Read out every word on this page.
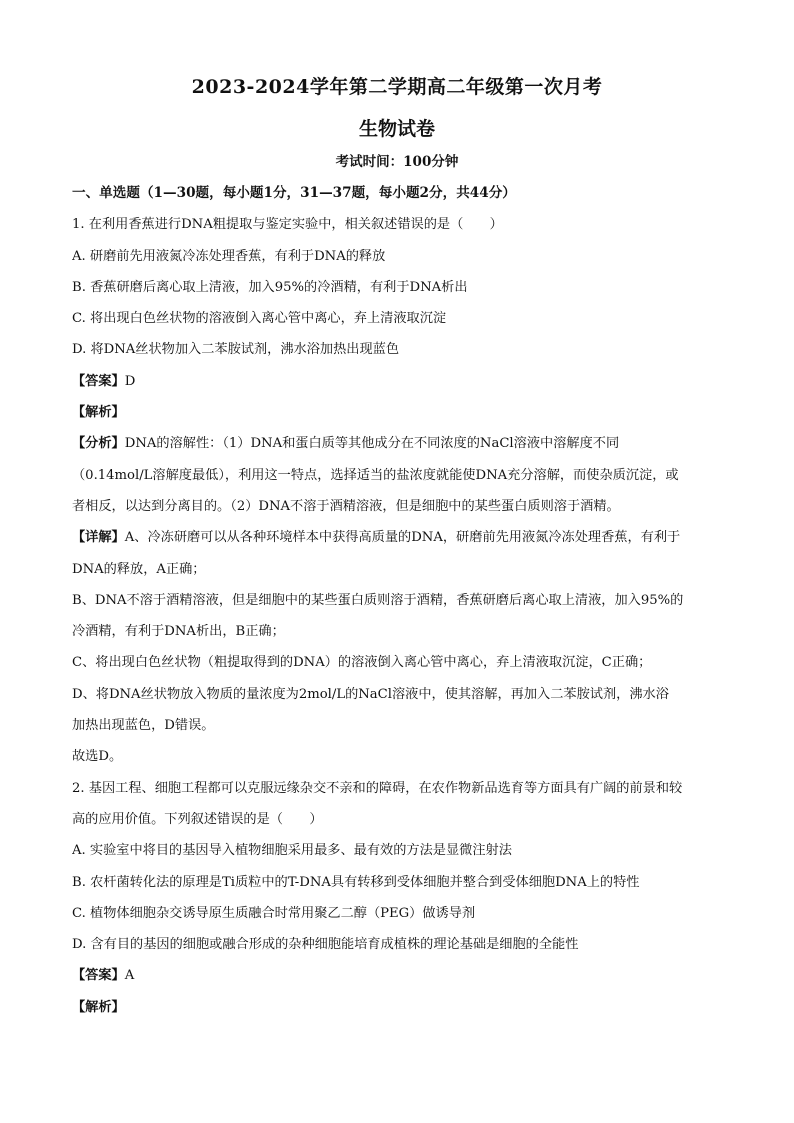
2023-2024学年第二学期高二年级第一次月考
生物试卷
考试时间：100分钟
一、单选题（1—30题，每小题1分，31—37题，每小题2分，共44分）
1. 在利用香蕉进行DNA粗提取与鉴定实验中，相关叙述错误的是（　　）
A. 研磨前先用液氮冷冻处理香蕉，有利于DNA的释放
B. 香蕉研磨后离心取上清液，加入95%的冷酒精，有利于DNA析出
C. 将出现白色丝状物的溶液倒入离心管中离心，弃上清液取沉淀
D. 将DNA丝状物加入二苯胺试剂，沸水浴加热出现蓝色
【答案】D
【解析】
【分析】DNA的溶解性：（1）DNA和蛋白质等其他成分在不同浓度的NaCl溶液中溶解度不同
（0.14mol/L溶解度最低），利用这一特点，选择适当的盐浓度就能使DNA充分溶解，而使杂质沉淀，或
者相反，以达到分离目的。（2）DNA不溶于酒精溶液，但是细胞中的某些蛋白质则溶于酒精。
【详解】A、冷冻研磨可以从各种环境样本中获得高质量的DNA，研磨前先用液氮冷冻处理香蕉，有利于
DNA的释放，A正确；
B、DNA不溶于酒精溶液，但是细胞中的某些蛋白质则溶于酒精，香蕉研磨后离心取上清液，加入95%的
冷酒精，有利于DNA析出，B正确；
C、将出现白色丝状物（粗提取得到的DNA）的溶液倒入离心管中离心，弃上清液取沉淀，C正确；
D、将DNA丝状物放入物质的量浓度为2mol/L的NaCl溶液中，使其溶解，再加入二苯胺试剂，沸水浴
加热出现蓝色，D错误。
故选D。
2. 基因工程、细胞工程都可以克服远缘杂交不亲和的障碍，在农作物新品选育等方面具有广阔的前景和较
高的应用价值。下列叙述错误的是（　　）
A. 实验室中将目的基因导入植物细胞采用最多、最有效的方法是显微注射法
B. 农杆菌转化法的原理是Ti质粒中的T-DNA具有转移到受体细胞并整合到受体细胞DNA上的特性
C. 植物体细胞杂交诱导原生质融合时常用聚乙二醇（PEG）做诱导剂
D. 含有目的基因的细胞或融合形成的杂种细胞能培育成植株的理论基础是细胞的全能性
【答案】A
【解析】
